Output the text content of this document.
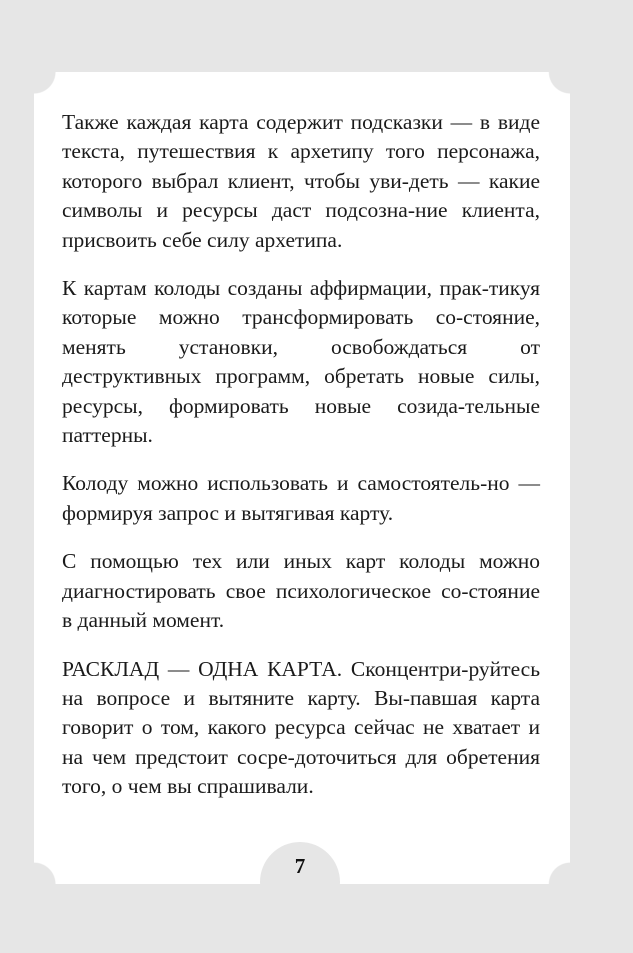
Также каждая карта содержит подсказки — в виде текста, путешествия к архетипу того персонажа, которого выбрал клиент, чтобы уви-деть — какие символы и ресурсы даст подсозна-ние клиента, присвоить себе силу архетипа.

К картам колоды созданы аффирмации, прак-тикуя которые можно трансформировать со-стояние, менять установки, освобождаться от деструктивных программ, обретать новые силы, ресурсы, формировать новые созида-тельные паттерны.

Колоду можно использовать и самостоятель-но — формируя запрос и вытягивая карту.

С помощью тех или иных карт колоды можно диагностировать свое психологическое со-стояние в данный момент.

РАСКЛАД — ОДНА КАРТА. Сконцентри-руйтесь на вопросе и вытяните карту. Вы-павшая карта говорит о том, какого ресурса сейчас не хватает и на чем предстоит сосре-доточиться для обретения того, о чем вы спрашивали.

7
